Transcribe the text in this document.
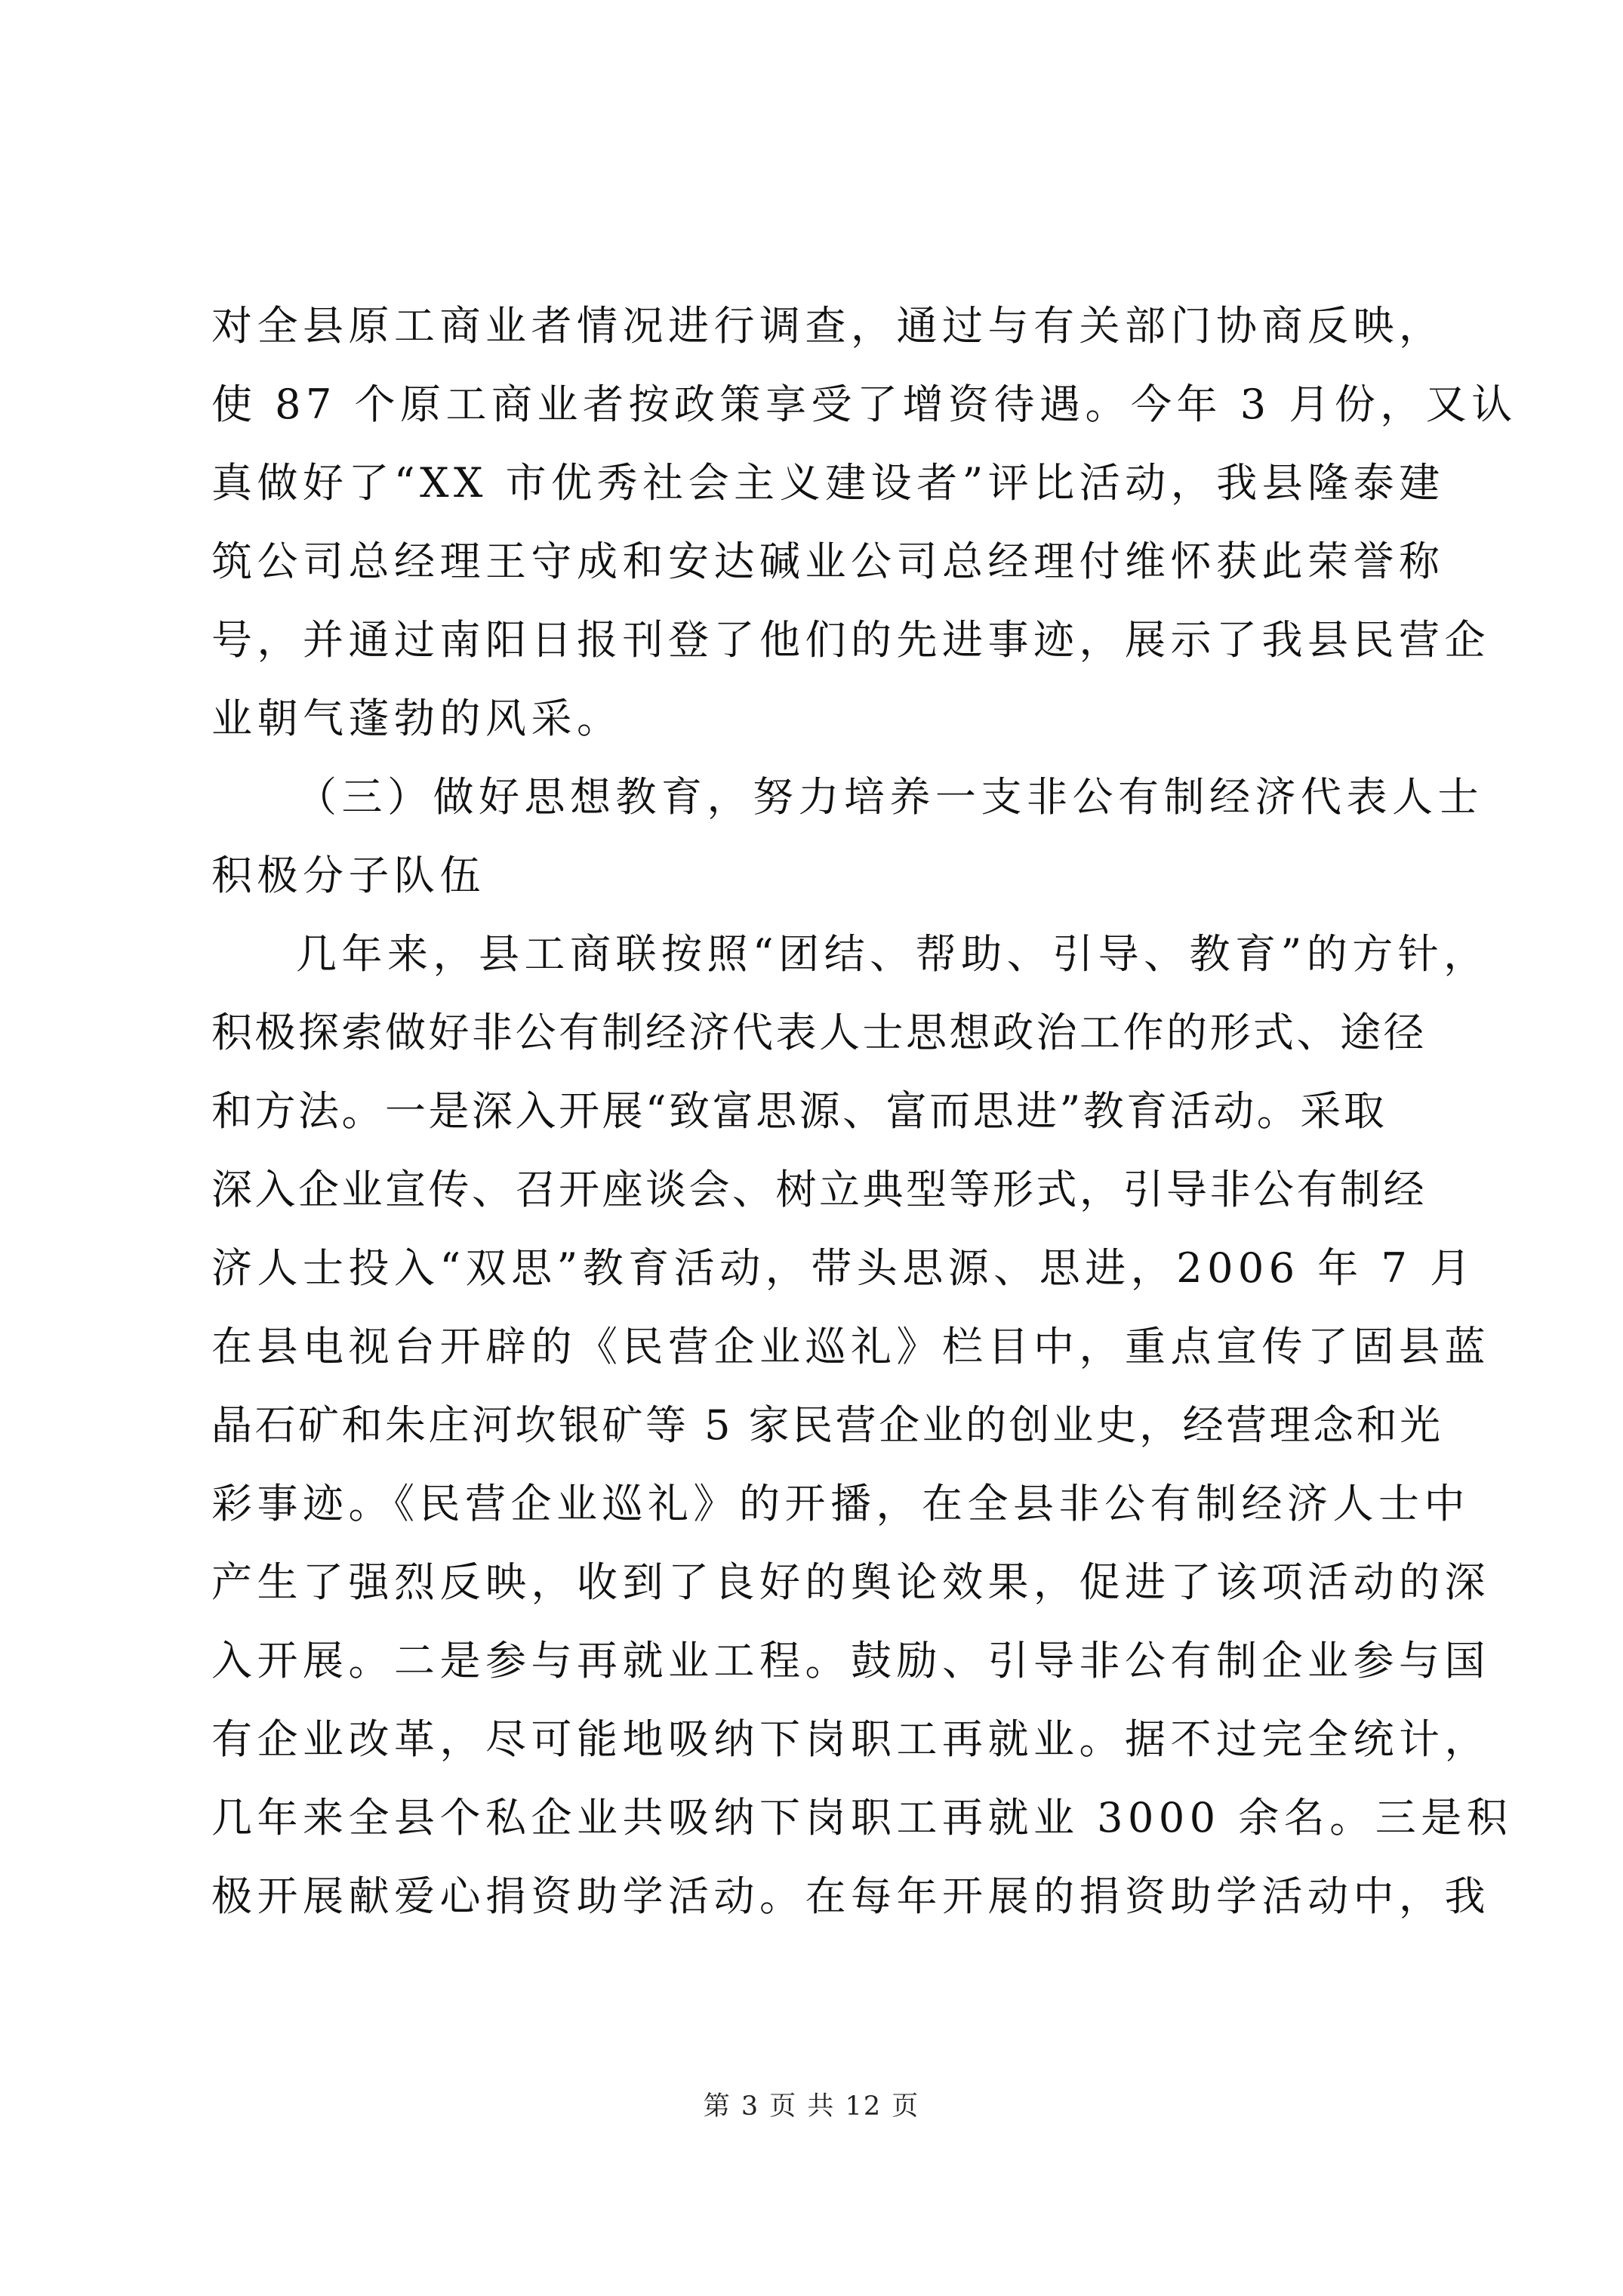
对全县原工商业者情况进行调查，通过与有关部门协商反映，
使 87 个原工商业者按政策享受了增资待遇。今年 3 月份，又认
真做好了“XX 市优秀社会主义建设者”评比活动，我县隆泰建
筑公司总经理王守成和安达碱业公司总经理付维怀获此荣誉称
号，并通过南阳日报刊登了他们的先进事迹，展示了我县民营企
业朝气蓬勃的风采。
（三）做好思想教育，努力培养一支非公有制经济代表人士
积极分子队伍
几年来，县工商联按照“团结、帮助、引导、教育”的方针，
积极探索做好非公有制经济代表人士思想政治工作的形式、途径
和方法。一是深入开展“致富思源、富而思进”教育活动。采取
深入企业宣传、召开座谈会、树立典型等形式，引导非公有制经
济人士投入“双思”教育活动，带头思源、思进，2006 年 7 月
在县电视台开辟的《民营企业巡礼》栏目中，重点宣传了固县蓝
晶石矿和朱庄河坎银矿等 5 家民营企业的创业史，经营理念和光
彩事迹。《民营企业巡礼》的开播，在全县非公有制经济人士中
产生了强烈反映，收到了良好的舆论效果，促进了该项活动的深
入开展。二是参与再就业工程。鼓励、引导非公有制企业参与国
有企业改革，尽可能地吸纳下岗职工再就业。据不过完全统计，
几年来全县个私企业共吸纳下岗职工再就业 3000 余名。三是积
极开展献爱心捐资助学活动。在每年开展的捐资助学活动中，我
第 3 页 共 12 页
